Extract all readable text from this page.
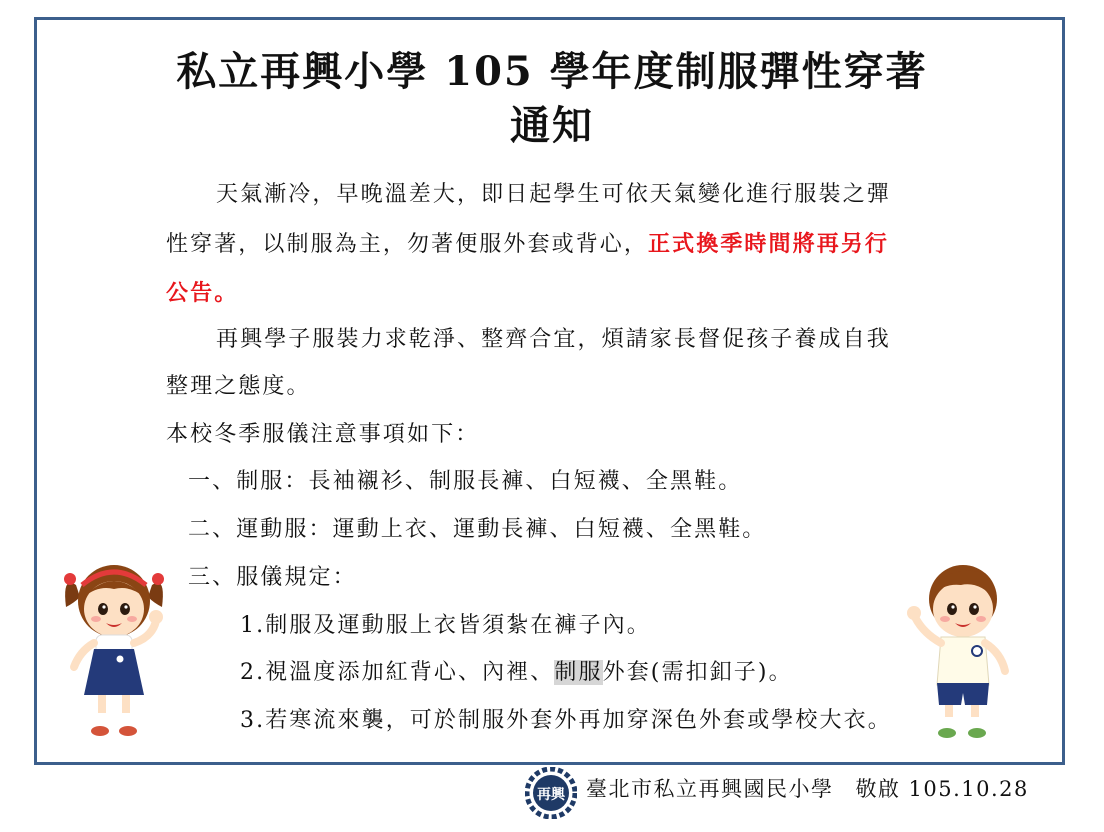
私立再興小學 105 學年度制服彈性穿著
通知
天氣漸冷，早晚溫差大，即日起學生可依天氣變化進行服裝之彈
性穿著，以制服為主，勿著便服外套或背心，正式換季時間將再另行
公告。
再興學子服裝力求乾淨、整齊合宜，煩請家長督促孩子養成自我
整理之態度。
本校冬季服儀注意事項如下：
一、制服：長袖襯衫、制服長褲、白短襪、全黑鞋。
二、運動服：運動上衣、運動長褲、白短襪、全黑鞋。
三、服儀規定：
1.制服及運動服上衣皆須紮在褲子內。
2.視溫度添加紅背心、內裡、制服外套(需扣釦子)。
3.若寒流來襲，可於制服外套外再加穿深色外套或學校大衣。
再興 臺北市私立再興國民小學 敬啟 105.10.28
